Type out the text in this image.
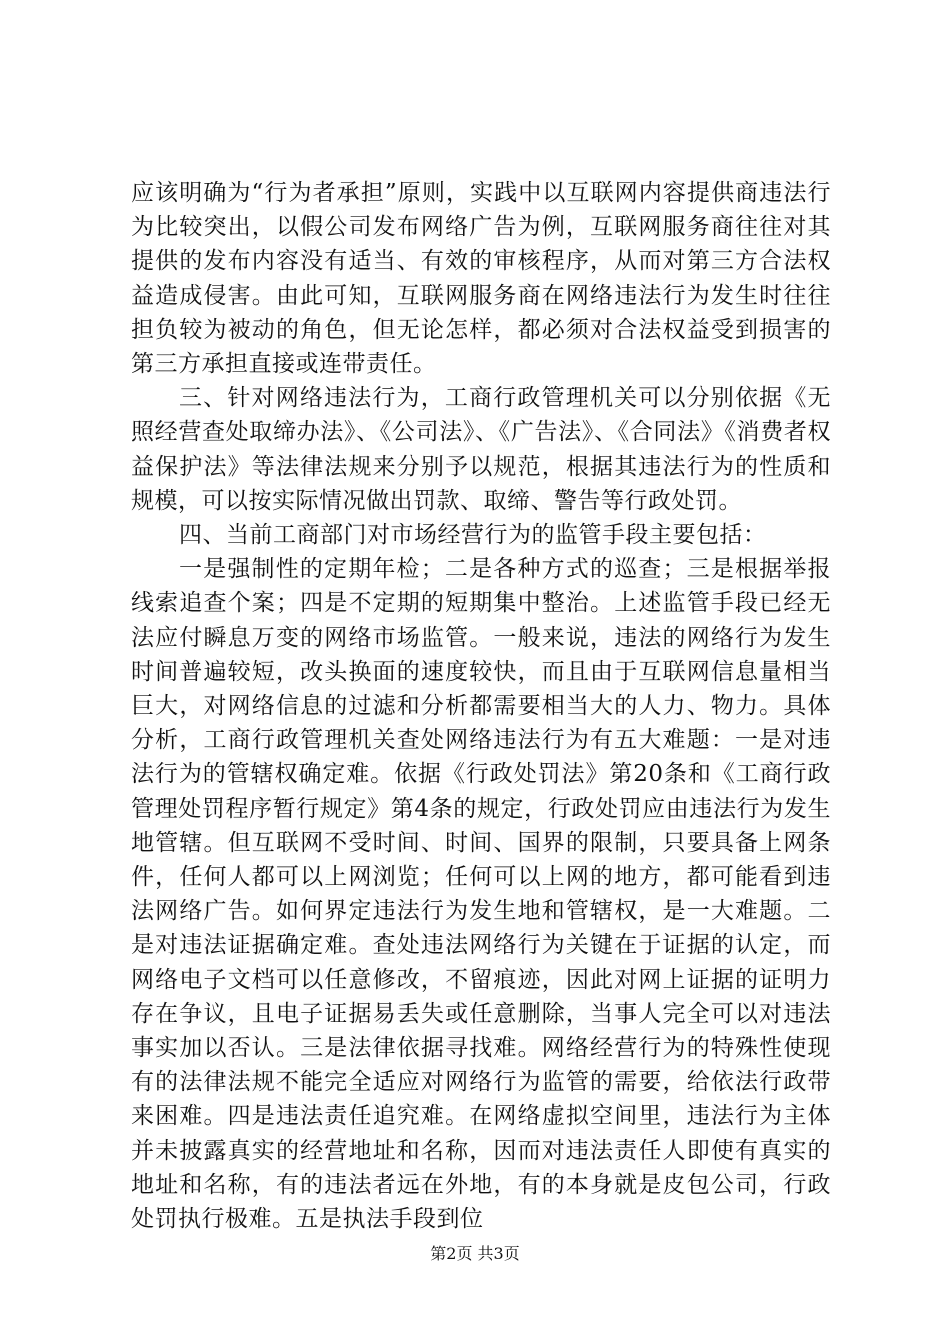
应该明确为“行为者承担”原则，实践中以互联网内容提供商违法行为比较突出，以假公司发布网络广告为例，互联网服务商往往对其提供的发布内容没有适当、有效的审核程序，从而对第三方合法权益造成侵害。由此可知，互联网服务商在网络违法行为发生时往往担负较为被动的角色，但无论怎样，都必须对合法权益受到损害的第三方承担直接或连带责任。

三、针对网络违法行为，工商行政管理机关可以分别依据《无照经营查处取缔办法》、《公司法》、《广告法》、《合同法》《消费者权益保护法》等法律法规来分别予以规范，根据其违法行为的性质和规模，可以按实际情况做出罚款、取缔、警告等行政处罚。

四、当前工商部门对市场经营行为的监管手段主要包括：

一是强制性的定期年检；二是各种方式的巡查；三是根据举报线索追查个案；四是不定期的短期集中整治。上述监管手段已经无法应付瞬息万变的网络市场监管。一般来说，违法的网络行为发生时间普遍较短，改头换面的速度较快，而且由于互联网信息量相当巨大，对网络信息的过滤和分析都需要相当大的人力、物力。具体分析，工商行政管理机关查处网络违法行为有五大难题：一是对违法行为的管辖权确定难。依据《行政处罚法》第20条和《工商行政管理处罚程序暂行规定》第4条的规定，行政处罚应由违法行为发生地管辖。但互联网不受时间、时间、国界的限制，只要具备上网条件，任何人都可以上网浏览；任何可以上网的地方，都可能看到违法网络广告。如何界定违法行为发生地和管辖权，是一大难题。二是对违法证据确定难。查处违法网络行为关键在于证据的认定，而网络电子文档可以任意修改，不留痕迹，因此对网上证据的证明力存在争议，且电子证据易丢失或任意删除，当事人完全可以对违法事实加以否认。三是法律依据寻找难。网络经营行为的特殊性使现有的法律法规不能完全适应对网络行为监管的需要，给依法行政带来困难。四是违法责任追究难。在网络虚拟空间里，违法行为主体并未披露真实的经营地址和名称，因而对违法责任人即使有真实的地址和名称，有的违法者远在外地，有的本身就是皮包公司，行政处罚执行极难。五是执法手段到位

第2页 共3页
